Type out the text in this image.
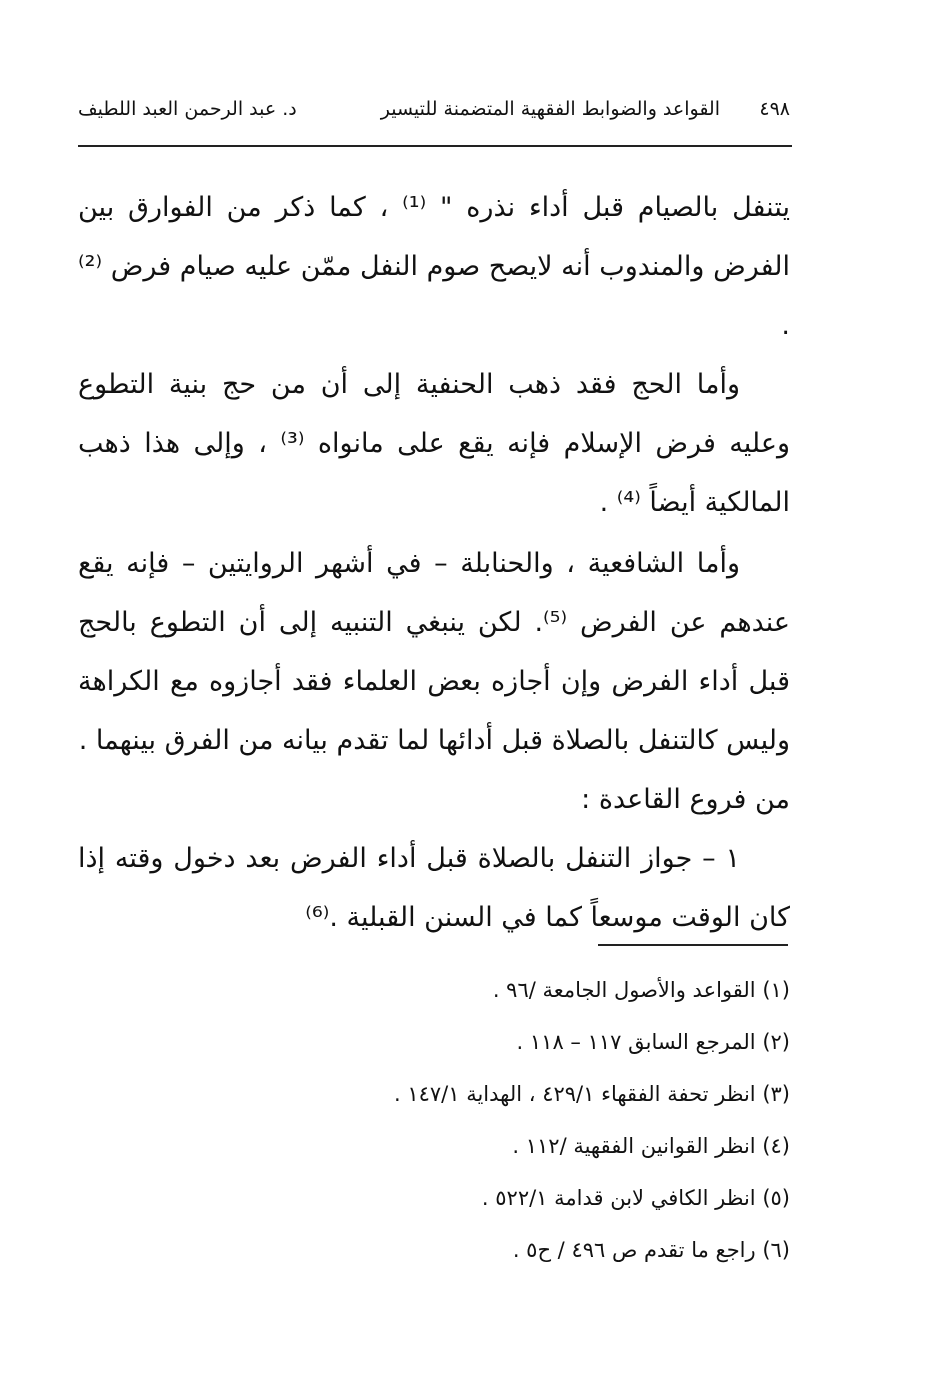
٤٩٨
القواعد والضوابط الفقهية المتضمنة للتيسير
د. عبد الرحمن العبد اللطيف

يتنفل بالصيام قبل أداء نذره " ⁽¹⁾ ، كما ذكر من الفوارق بين الفرض والمندوب أنه لايصح صوم النفل ممّن عليه صيام فرض ⁽²⁾ .

وأما الحج فقد ذهب الحنفية إلى أن من حج بنية التطوع وعليه فرض الإسلام فإنه يقع على مانواه ⁽³⁾ ، وإلى هذا ذهب المالكية أيضاً ⁽⁴⁾ .

وأما الشافعية ، والحنابلة – في أشهر الروايتين – فإنه يقع عندهم عن الفرض ⁽⁵⁾. لكن ينبغي التنبيه إلى أن التطوع بالحج قبل أداء الفرض وإن أجازه بعض العلماء فقد أجازوه مع الكراهة وليس كالتنفل بالصلاة قبل أدائها لما تقدم بيانه من الفرق بينهما .

من فروع القاعدة :

١ – جواز التنفل بالصلاة قبل أداء الفرض بعد دخول وقته إذا كان الوقت موسعاً كما في السنن القبلية .⁽⁶⁾

(١) القواعد والأصول الجامعة /٩٦ .

(٢) المرجع السابق ١١٧ – ١١٨ .

(٣) انظر تحفة الفقهاء ٤٢٩/١ ، الهداية ١٤٧/١ .

(٤) انظر القوانين الفقهية /١١٢ .

(٥) انظر الكافي لابن قدامة ٥٢٢/١ .

(٦) راجع ما تقدم ص ٤٩٦ / ح٥ .
